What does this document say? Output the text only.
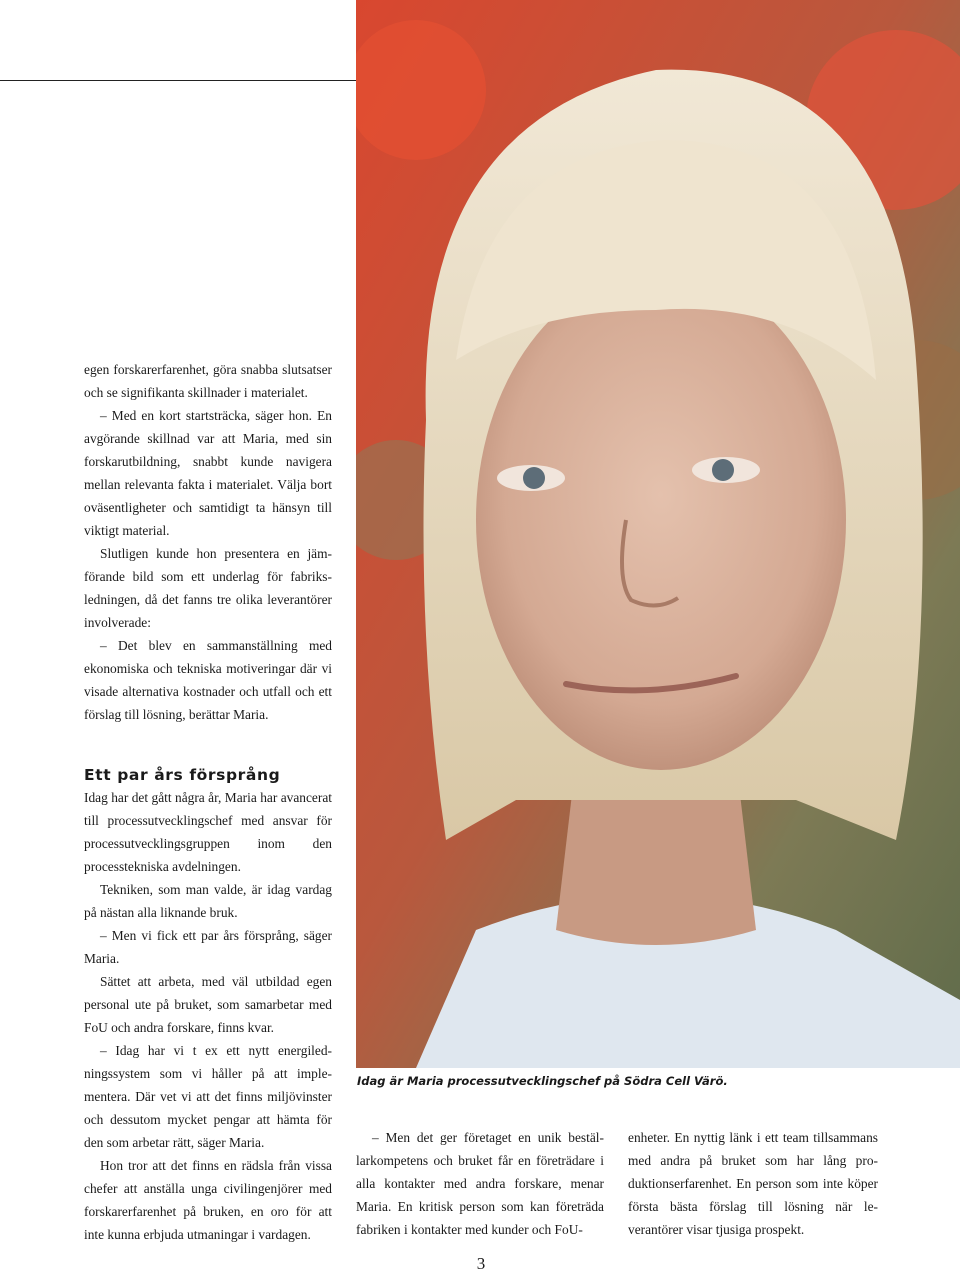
egen forskarerfarenhet, göra snabba slutsatser och se signifikanta skillnader i materialet.

– Med en kort startsträcka, säger hon. En avgörande skillnad var att Maria, med sin forskarutbildning, snabbt kunde navigera mellan relevanta fakta i materialet. Välja bort oväsentligheter och samtidigt ta hänsyn till viktigt material.

Slutligen kunde hon presentera en jämförande bild som ett underlag för fabriksledningen, då det fanns tre olika leverantörer involverade:

– Det blev en sammanställning med ekonomiska och tekniska motiveringar där vi visade alternativa kostnader och utfall och ett förslag till lösning, berättar Maria.

Ett par års försprång

Idag har det gått några år, Maria har avancerat till processutvecklingschef med ansvar för processutvecklingsgruppen inom den processtekniska avdelningen.

Tekniken, som man valde, är idag vardag på nästan alla liknande bruk.

– Men vi fick ett par års försprång, säger Maria.

Sättet att arbeta, med väl utbildad egen personal ute på bruket, som samarbetar med FoU och andra forskare, finns kvar.

– Idag har vi t ex ett nytt energiledningssystem som vi håller på att implementera. Där vet vi att det finns miljövinster och dessutom mycket pengar att hämta för den som arbetar rätt, säger Maria.

Hon tror att det finns en rädsla från vissa chefer att anställa unga civilingenjörer med forskarerfarenhet på bruken, en oro för att inte kunna erbjuda utmaningar i vardagen.

Idag är Maria processutvecklingschef på Södra Cell Värö.

– Men det ger företaget en unik beställarkompetens och bruket får en företrädare i alla kontakter med andra forskare, menar Maria. En kritisk person som kan företräda fabriken i kontakter med kunder och FoU-

enheter. En nyttig länk i ett team tillsammans med andra på bruket som har lång produktionserfarenhet. En person som inte köper första bästa förslag till lösning när leverantörer visar tjusiga prospekt.

3
